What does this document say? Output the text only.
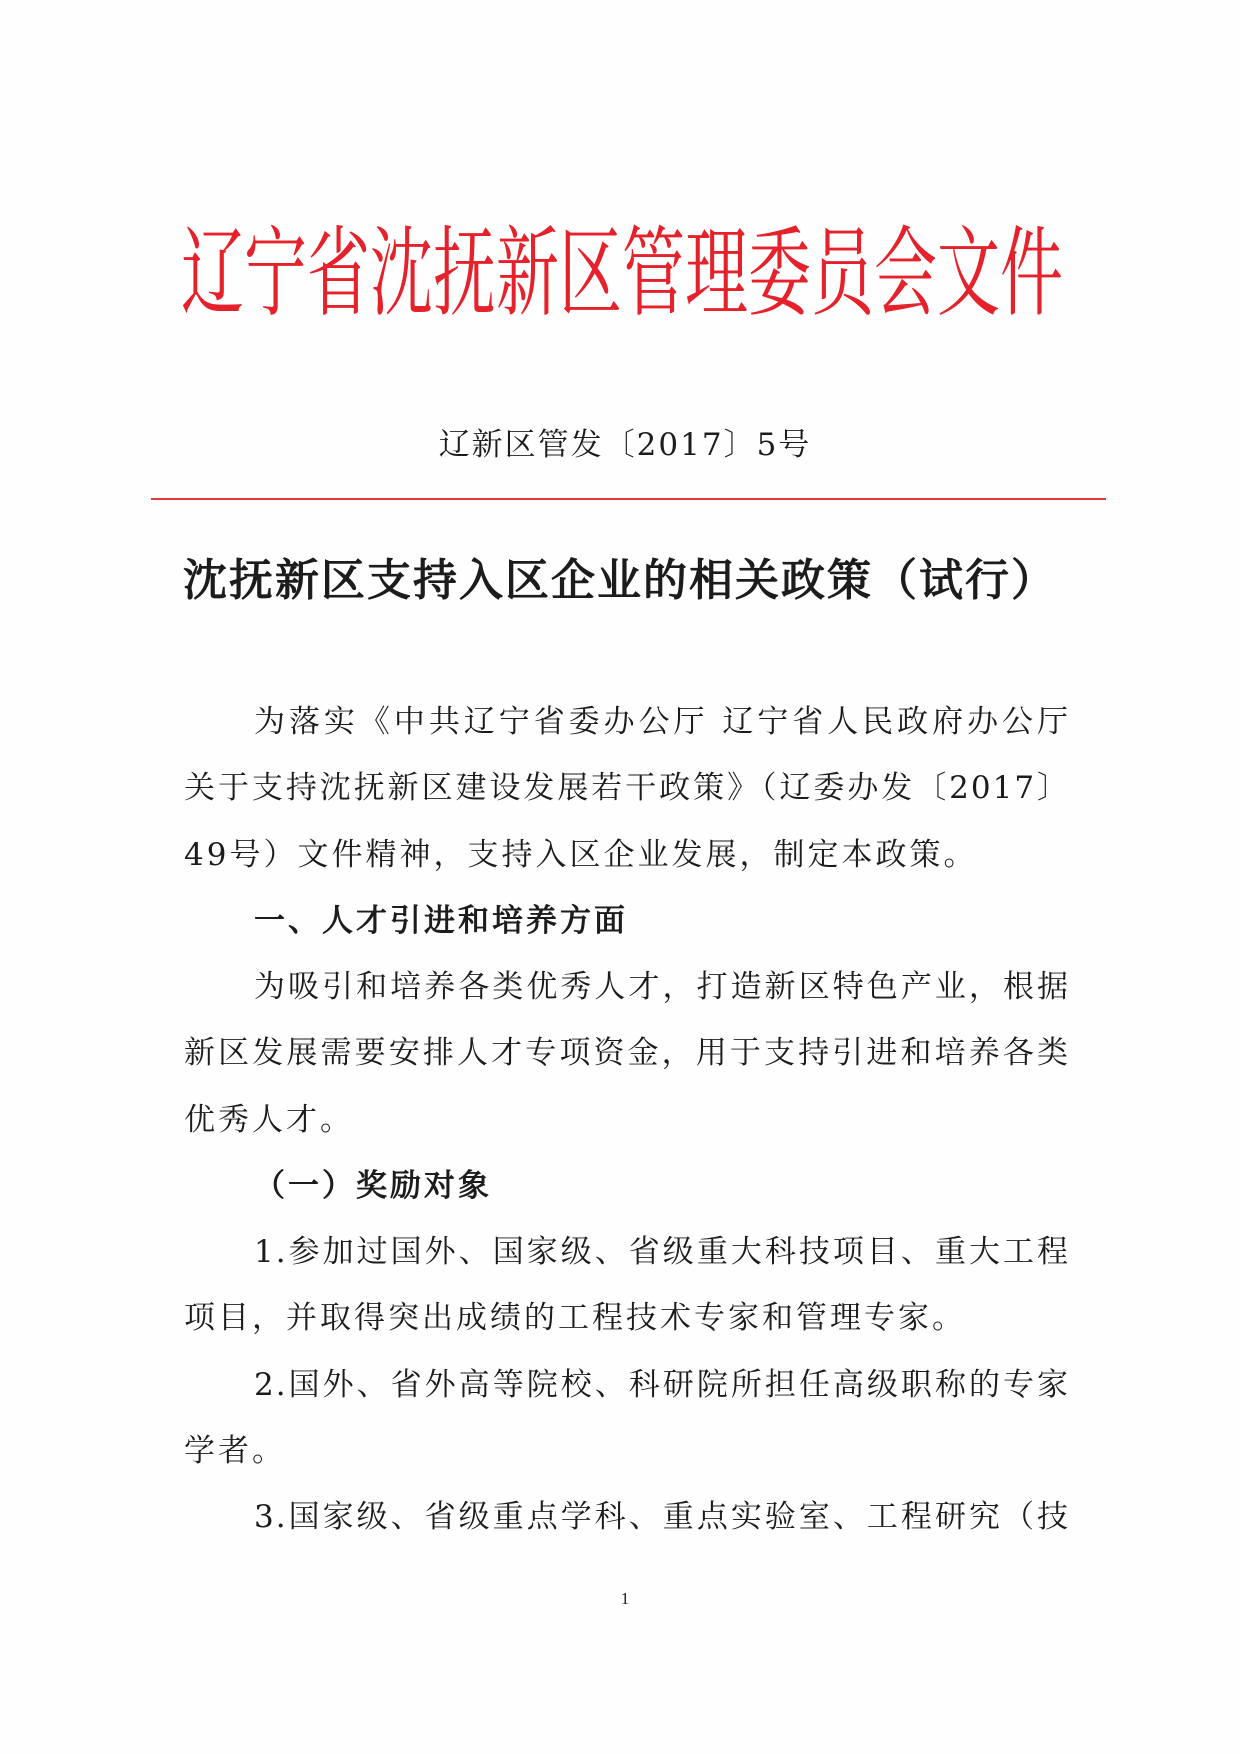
辽宁省沈抚新区管理委员会文件
辽新区管发〔2017〕5号
沈抚新区支持入区企业的相关政策（试行）
为落实《中共辽宁省委办公厅 辽宁省人民政府办公厅
关于支持沈抚新区建设发展若干政策》（辽委办发〔2017〕
49号）文件精神，支持入区企业发展，制定本政策。
一、人才引进和培养方面
为吸引和培养各类优秀人才，打造新区特色产业，根据
新区发展需要安排人才专项资金，用于支持引进和培养各类
优秀人才。
（一）奖励对象
1.参加过国外、国家级、省级重大科技项目、重大工程
项目，并取得突出成绩的工程技术专家和管理专家。
2.国外、省外高等院校、科研院所担任高级职称的专家
学者。
3.国家级、省级重点学科、重点实验室、工程研究（技
1
